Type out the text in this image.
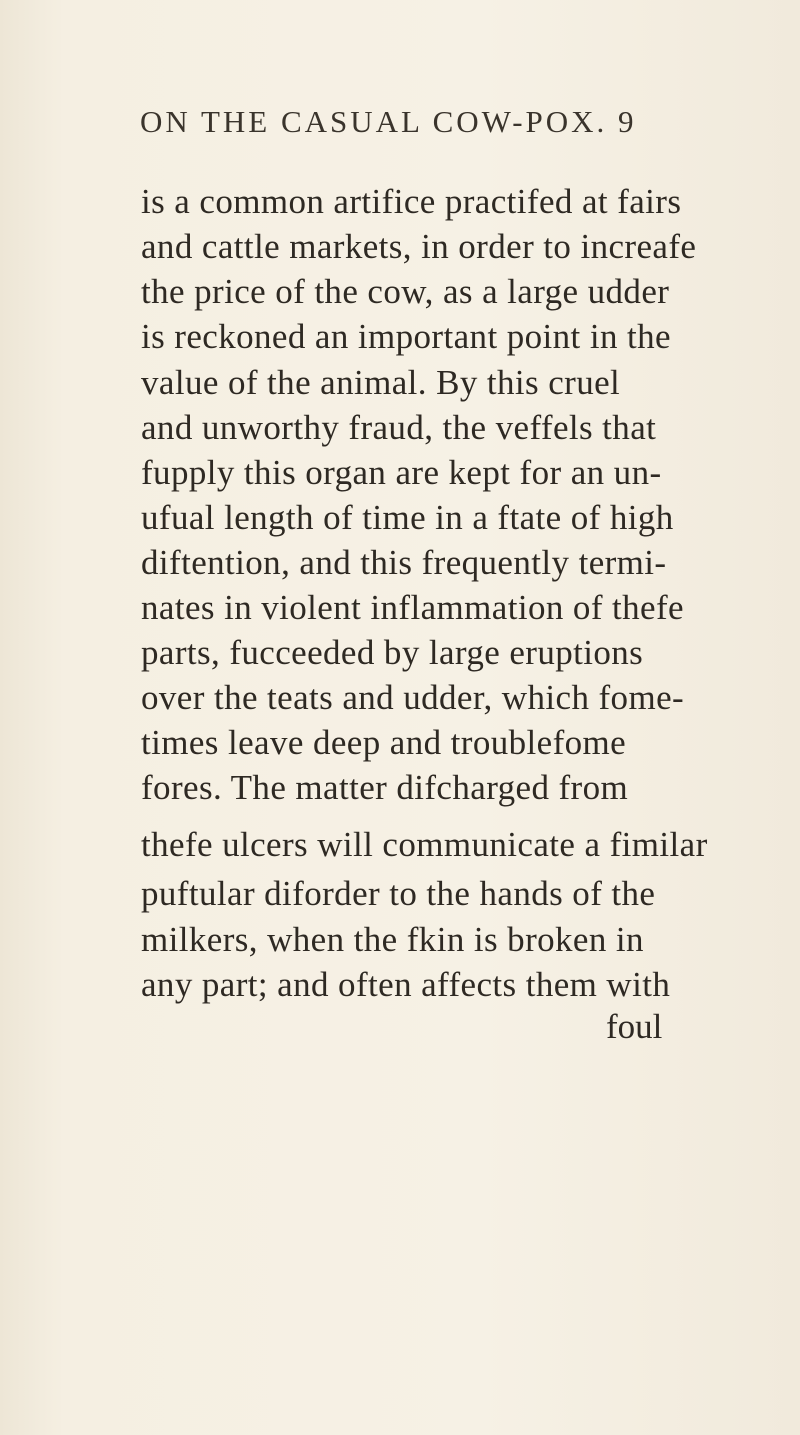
ON THE CASUAL COW-POX. 9
is a common artifice practifed at fairs
and cattle markets, in order to increafe
the price of the cow, as a large udder
is reckoned an important point in the
value of the animal. By this cruel
and unworthy fraud, the veffels that
fupply this organ are kept for an un-
ufual length of time in a ftate of high
diftention, and this frequently termi-
nates in violent inflammation of thefe
parts, fucceeded by large eruptions
over the teats and udder, which fome-
times leave deep and troublefome
fores. The matter difcharged from
thefe ulcers will communicate a fimilar
puftular diforder to the hands of the
milkers, when the fkin is broken in
any part; and often affects them with
foul
